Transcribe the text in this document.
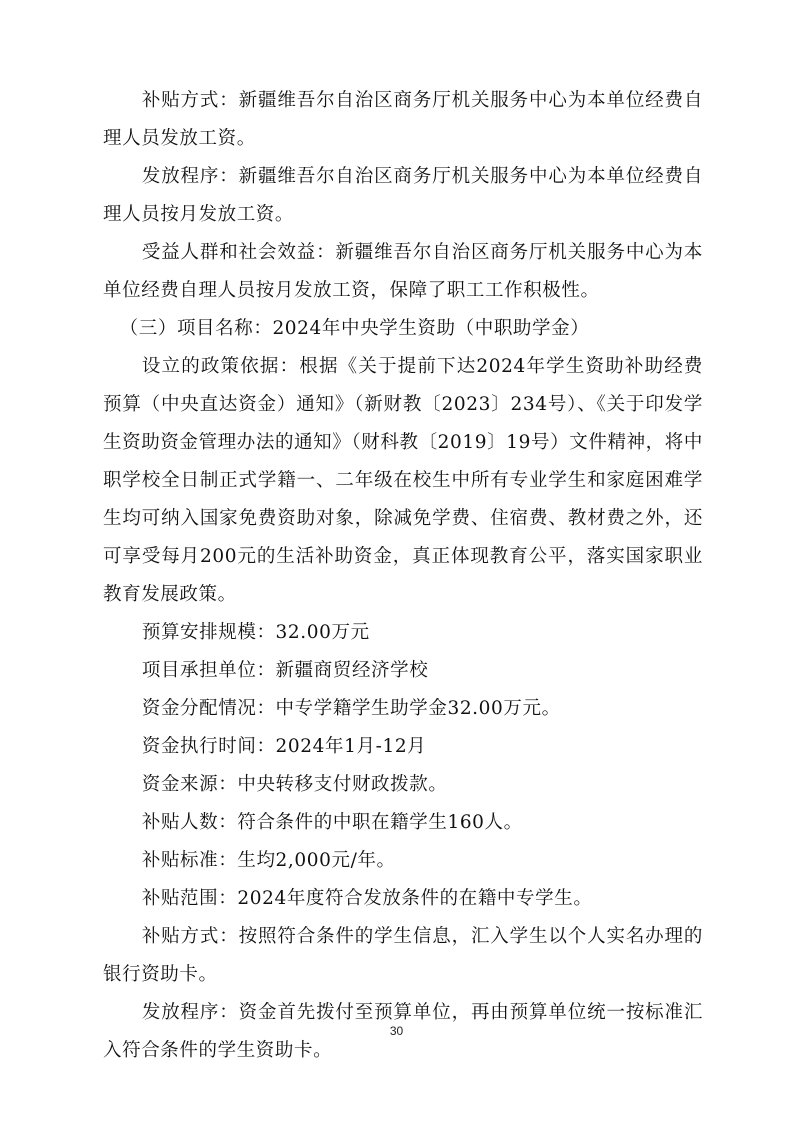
补贴方式：新疆维吾尔自治区商务厅机关服务中心为本单位经费自理人员发放工资。

发放程序：新疆维吾尔自治区商务厅机关服务中心为本单位经费自理人员按月发放工资。

受益人群和社会效益：新疆维吾尔自治区商务厅机关服务中心为本单位经费自理人员按月发放工资，保障了职工工作积极性。

（三）项目名称：2024年中央学生资助（中职助学金）

设立的政策依据：根据《关于提前下达2024年学生资助补助经费预算（中央直达资金）通知》（新财教〔2023〕234号）、《关于印发学生资助资金管理办法的通知》（财科教〔2019〕19号）文件精神，将中职学校全日制正式学籍一、二年级在校生中所有专业学生和家庭困难学生均可纳入国家免费资助对象，除减免学费、住宿费、教材费之外，还可享受每月200元的生活补助资金，真正体现教育公平，落实国家职业教育发展政策。

预算安排规模：32.00万元

项目承担单位：新疆商贸经济学校

资金分配情况：中专学籍学生助学金32.00万元。

资金执行时间：2024年1月-12月

资金来源：中央转移支付财政拨款。

补贴人数：符合条件的中职在籍学生160人。

补贴标准：生均2,000元/年。

补贴范围：2024年度符合发放条件的在籍中专学生。

补贴方式：按照符合条件的学生信息，汇入学生以个人实名办理的银行资助卡。

发放程序：资金首先拨付至预算单位，再由预算单位统一按标准汇入符合条件的学生资助卡。

30
